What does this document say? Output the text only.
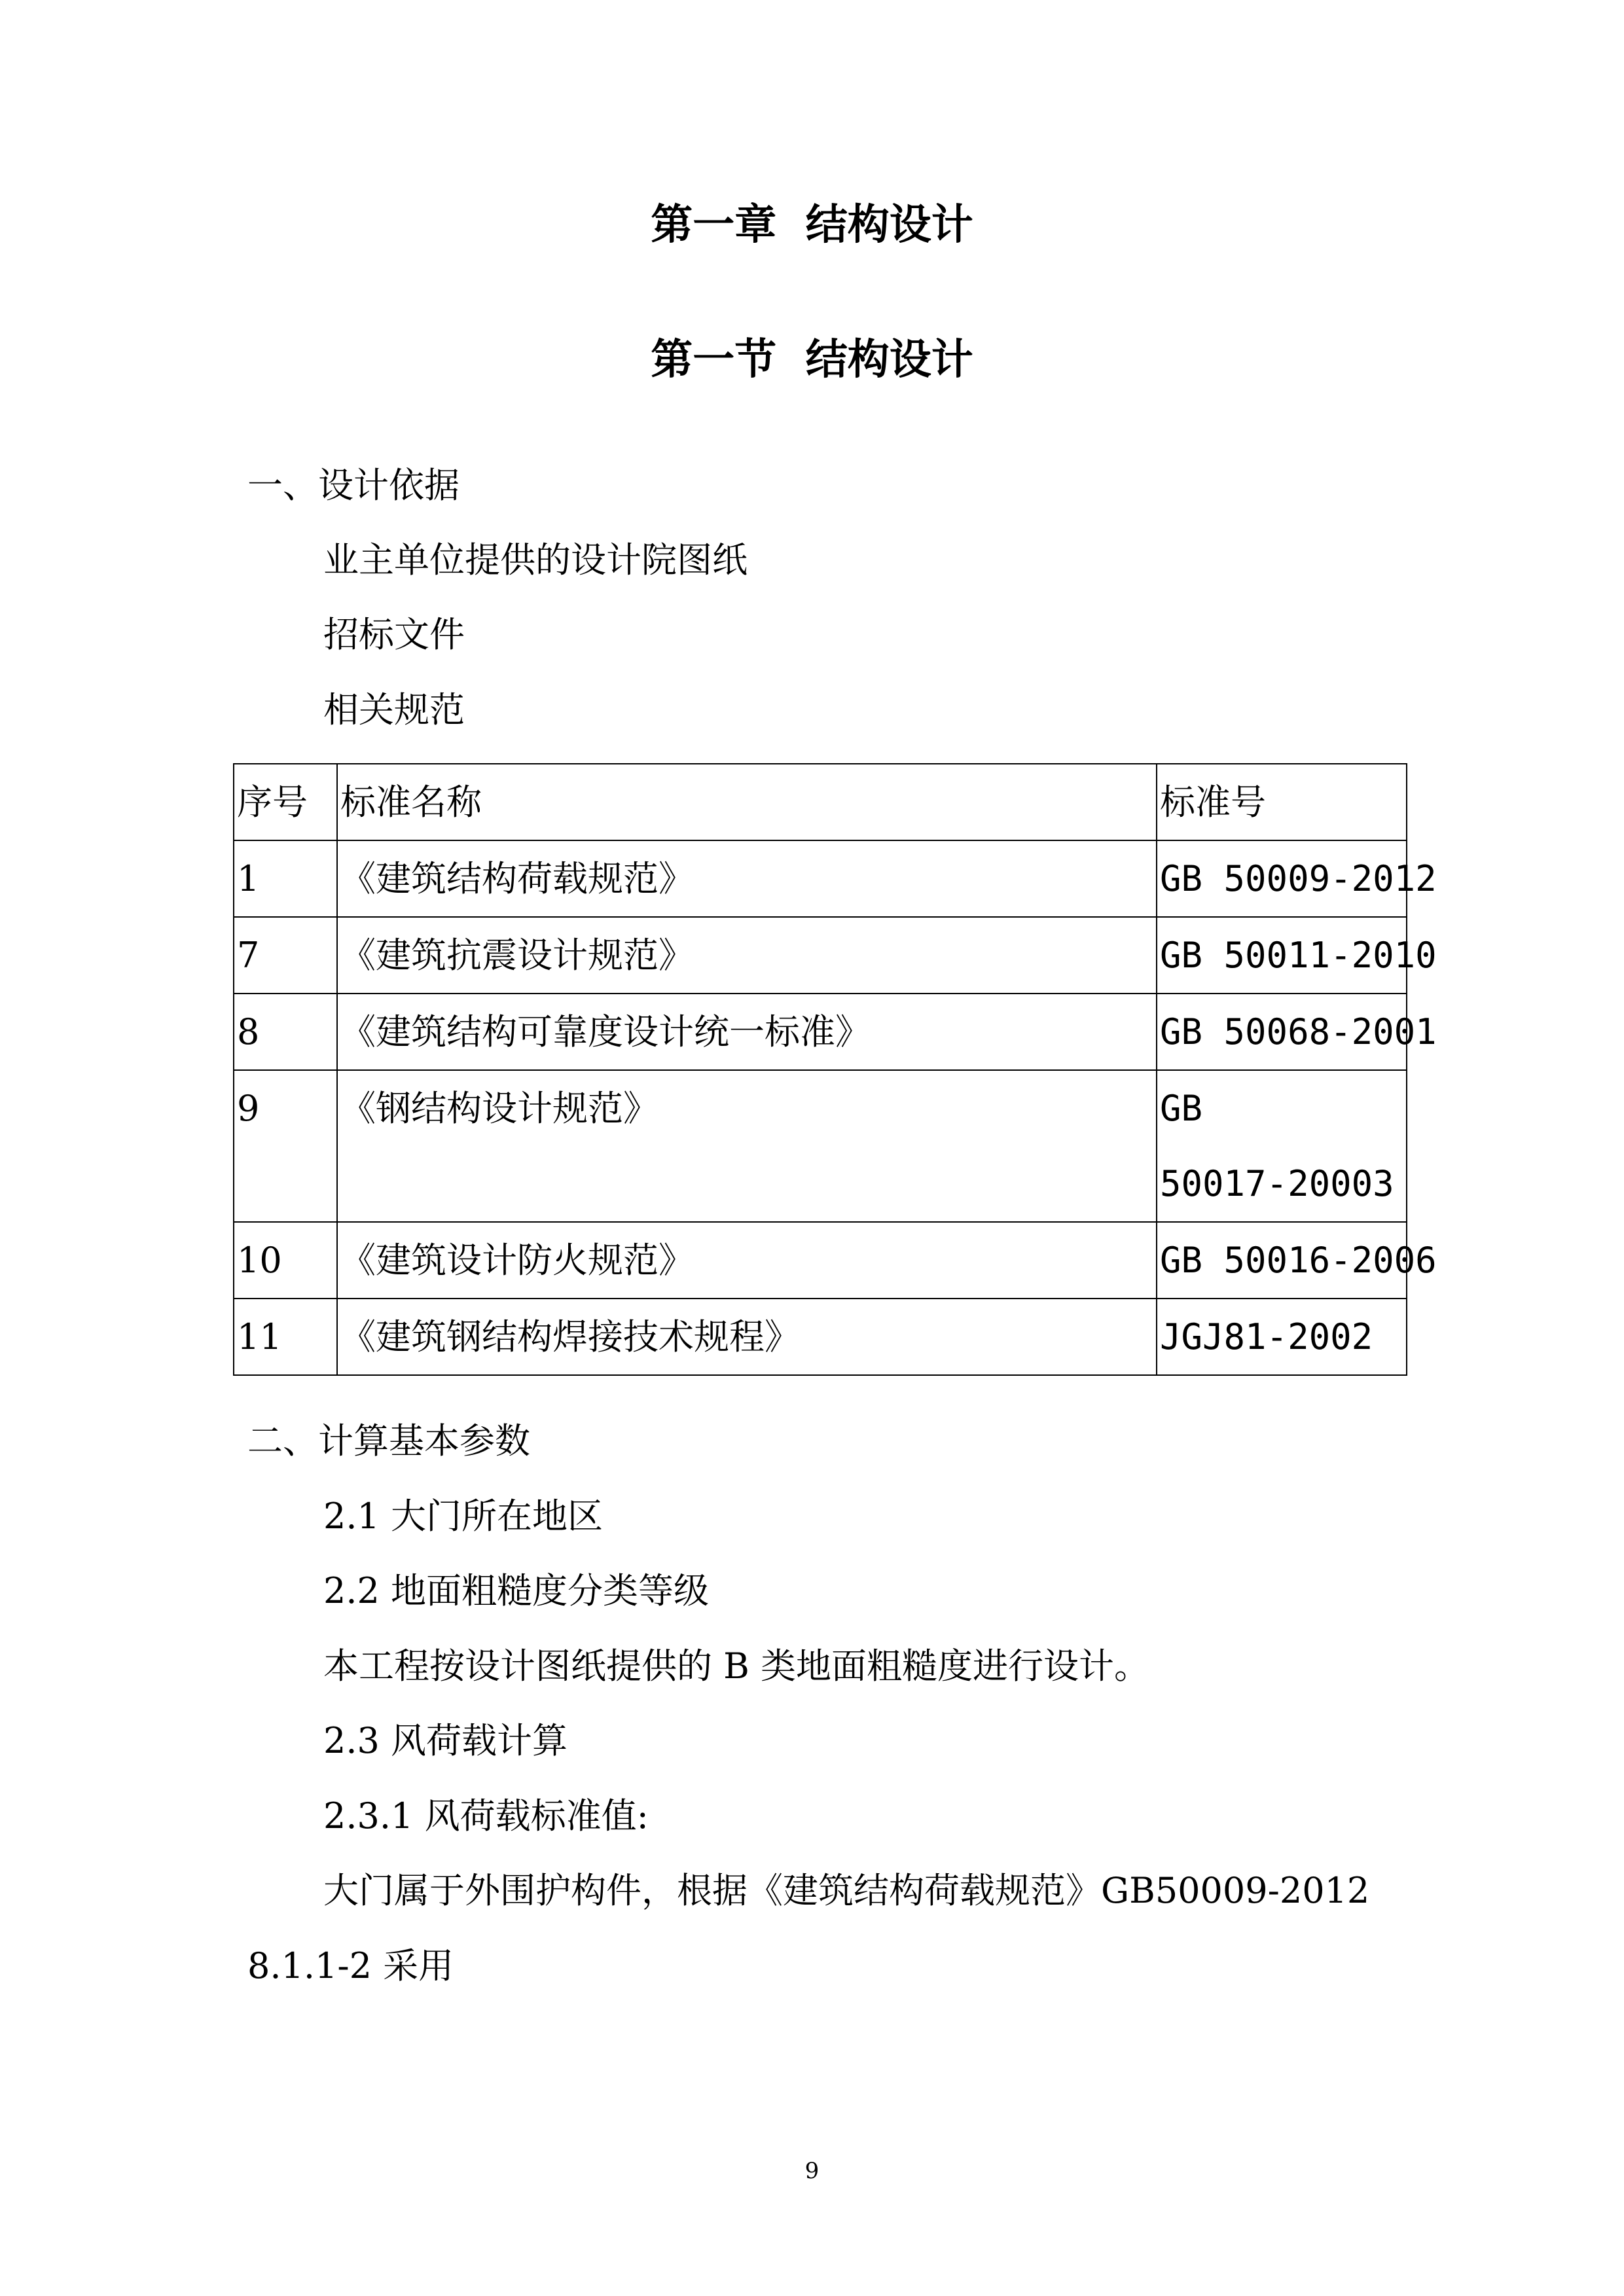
第一章  结构设计
第一节  结构设计
一、设计依据
业主单位提供的设计院图纸
招标文件
相关规范
序号	标准名称	标准号
1	《建筑结构荷载规范》	GB 50009-2012
7	《建筑抗震设计规范》	GB 50011-2010
8	《建筑结构可靠度设计统一标准》	GB 50068-2001
9	《钢结构设计规范》	GB
50017-20003

10	《建筑设计防火规范》	GB 50016-2006
11	《建筑钢结构焊接技术规程》	JGJ81-2002
二、计算基本参数
2.1 大门所在地区
2.2 地面粗糙度分类等级
本工程按设计图纸提供的 B 类地面粗糙度进行设计。
2.3 风荷载计算
2.3.1 风荷载标准值:
大门属于外围护构件，根据《建筑结构荷载规范》GB50009-2012
8.1.1-2 采用
9
